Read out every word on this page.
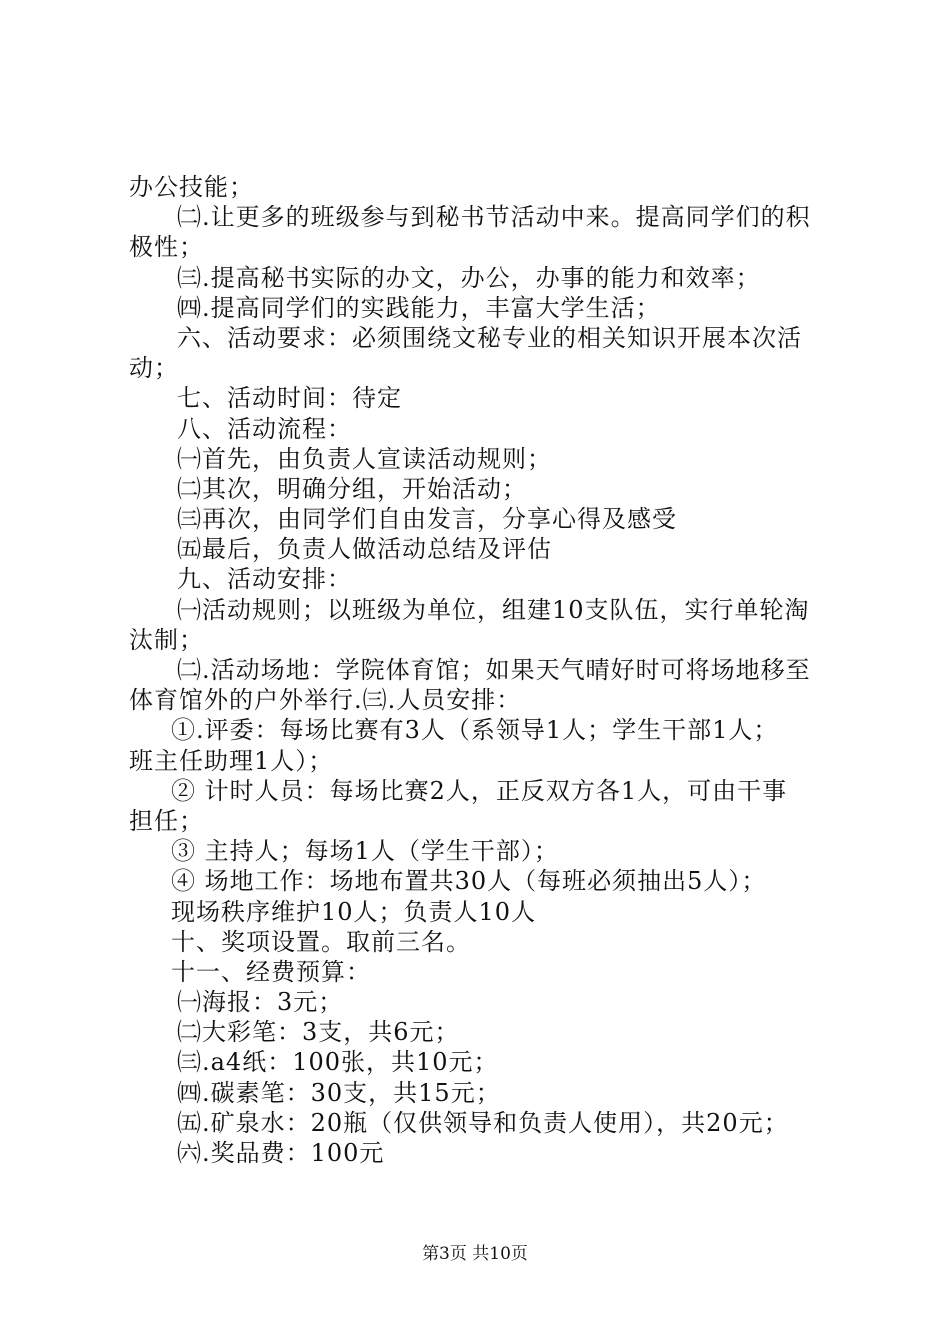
办公技能；
㈡.让更多的班级参与到秘书节活动中来。提高同学们的积
极性；
㈢.提高秘书实际的办文，办公，办事的能力和效率；
㈣.提高同学们的实践能力，丰富大学生活；
六、活动要求：必须围绕文秘专业的相关知识开展本次活
动；
七、活动时间：待定
八、活动流程：
㈠首先，由负责人宣读活动规则；
㈡其次，明确分组，开始活动；
㈢再次，由同学们自由发言，分享心得及感受
㈤最后，负责人做活动总结及评估
九、活动安排：
㈠活动规则；以班级为单位，组建10支队伍，实行单轮淘
汰制；
㈡.活动场地：学院体育馆；如果天气晴好时可将场地移至
体育馆外的户外举行.㈢.人员安排：
①.评委：每场比赛有3人（系领导1人；学生干部1人；
班主任助理1人）；
② 计时人员：每场比赛2人，正反双方各1人，可由干事
担任；
③ 主持人；每场1人（学生干部）；
④ 场地工作：场地布置共30人（每班必须抽出5人）；
现场秩序维护10人；负责人10人
十、奖项设置。取前三名。
十一、经费预算：
㈠海报：3元；
㈡大彩笔：3支，共6元；
㈢.a4纸：100张，共10元；
㈣.碳素笔：30支，共15元；
㈤.矿泉水：20瓶（仅供领导和负责人使用），共20元；
㈥.奖品费：100元
第3页 共10页
